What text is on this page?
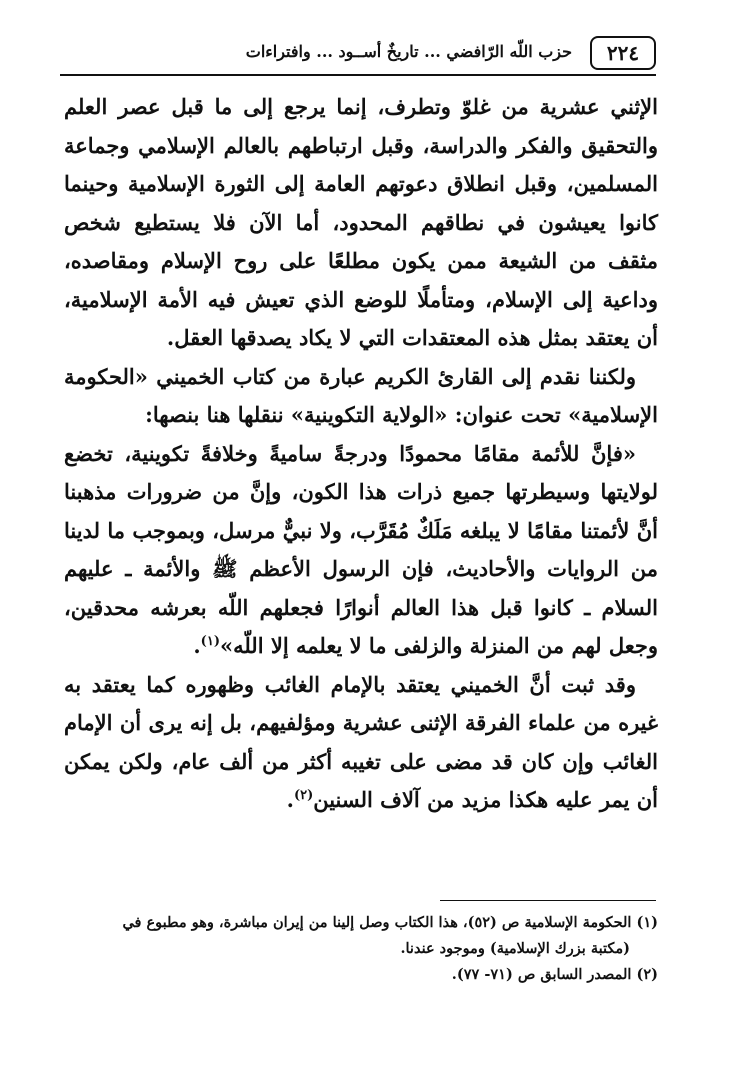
٢٢٤
حزب اللّه الرّافضي ... تاريخٌ أســود ... وافتراءات

الإثني عشرية من غلوّ وتطرف، إنما يرجع إلى ما قبل عصر العلم والتحقيق والفكر والدراسة، وقبل ارتباطهم بالعالم الإسلامي وجماعة المسلمين، وقبل انطلاق دعوتهم العامة إلى الثورة الإسلامية وحينما كانوا يعيشون في نطاقهم المحدود، أما الآن فلا يستطيع شخص مثقف من الشيعة ممن يكون مطلعًا على روح الإسلام ومقاصده، وداعية إلى الإسلام، ومتأملًا للوضع الذي تعيش فيه الأمة الإسلامية، أن يعتقد بمثل هذه المعتقدات التي لا يكاد يصدقها العقل.

ولكننا نقدم إلى القارئ الكريم عبارة من كتاب الخميني «الحكومة الإسلامية» تحت عنوان: «الولاية التكوينية» ننقلها هنا بنصها:

«فإنَّ للأئمة مقامًا محمودًا ودرجةً ساميةً وخلافةً تكوينية، تخضع لولايتها وسيطرتها جميع ذرات هذا الكون، وإنَّ من ضرورات مذهبنا أنَّ لأئمتنا مقامًا لا يبلغه مَلَكٌ مُقَرَّب، ولا نبيٌّ مرسل، وبموجب ما لدينا من الروايات والأحاديث، فإن الرسول الأعظم ﷺ والأئمة ـ عليهم السلام ـ كانوا قبل هذا العالم أنوارًا فجعلهم اللّه بعرشه محدقين، وجعل لهم من المنزلة والزلفى ما لا يعلمه إلا اللّه»$^{(١)}$.

وقد ثبت أنَّ الخميني يعتقد بالإمام الغائب وظهوره كما يعتقد به غيره من علماء الفرقة الإثنى عشرية ومؤلفيهم، بل إنه يرى أن الإمام الغائب وإن كان قد مضى على تغيبه أكثر من ألف عام، ولكن يمكن أن يمر عليه هكذا مزيد من آلاف السنين$^{(٢)}$.

(١) الحكومة الإسلامية ص (٥٢)، هذا الكتاب وصل إلينا من إيران مباشرة، وهو مطبوع في

(مكتبة بزرك الإسلامية) وموجود عندنا.

(٢) المصدر السابق ص (٧١- ٧٧).
